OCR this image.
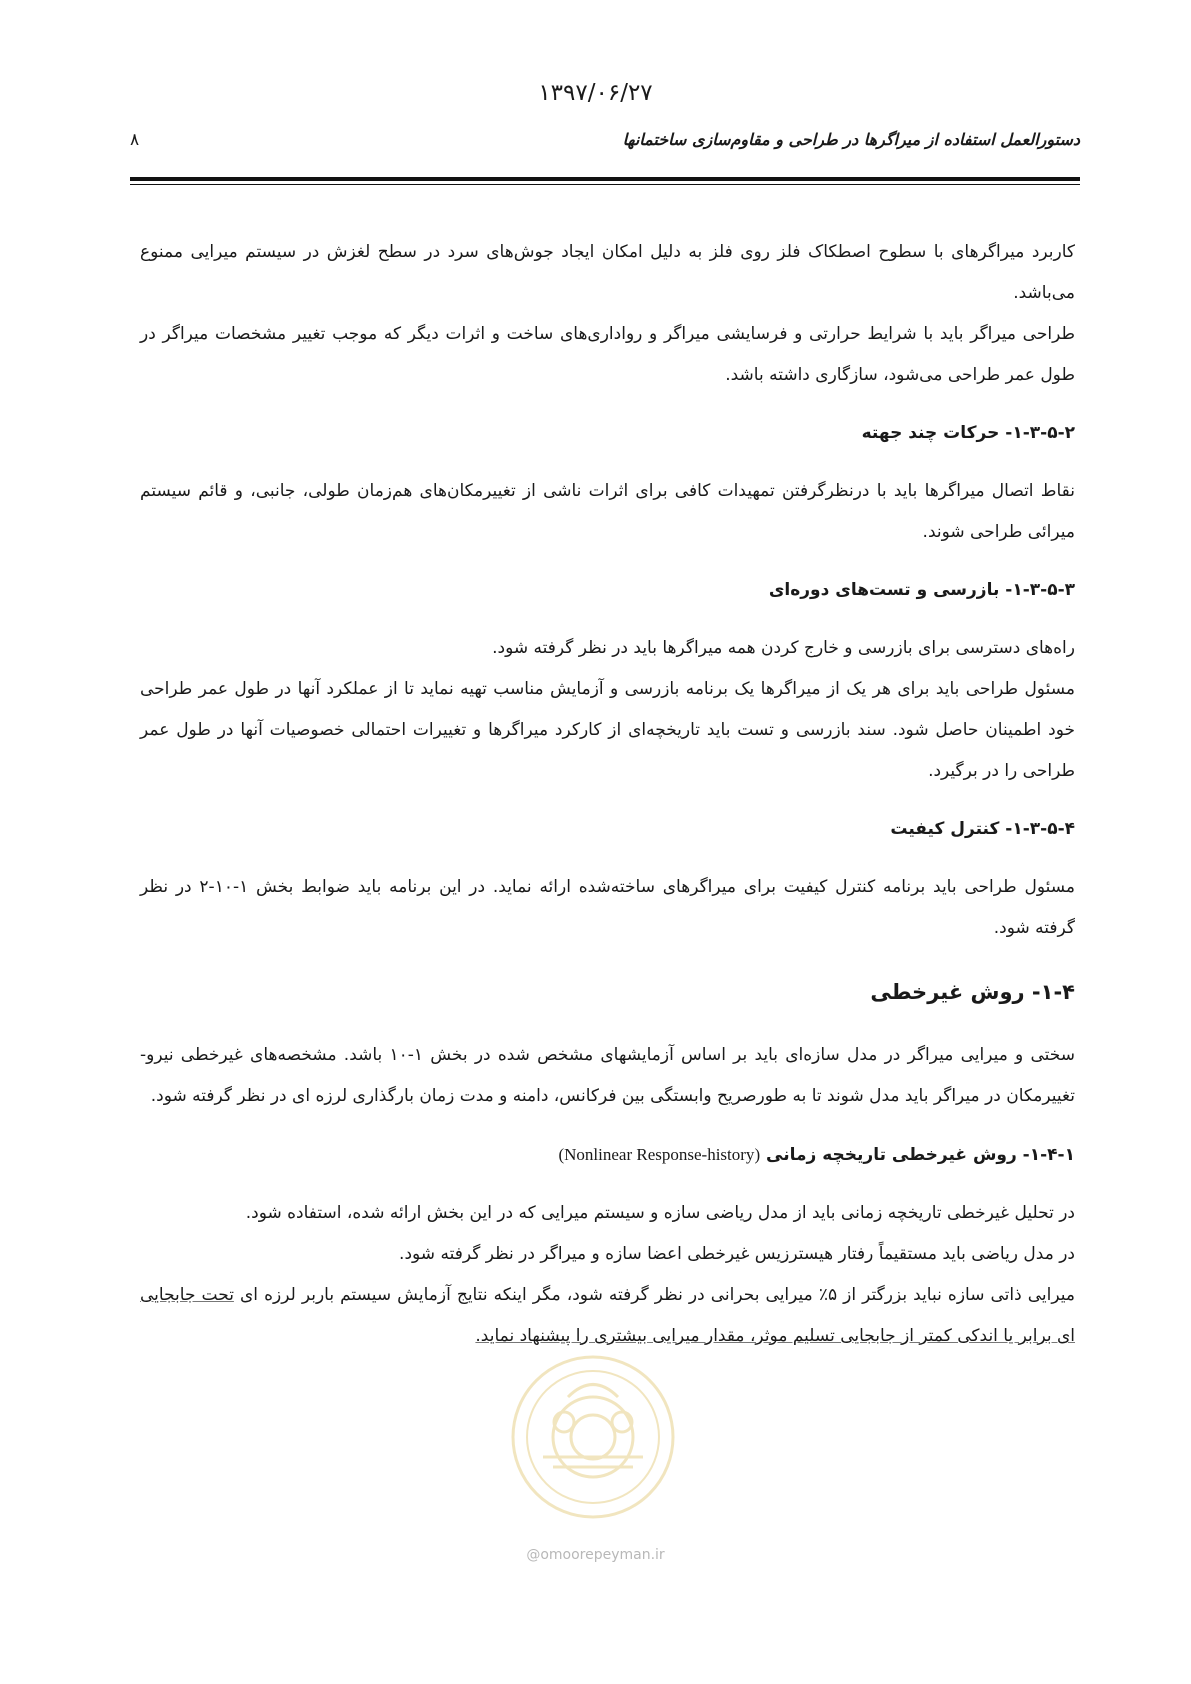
۱۳۹۷/۰۶/۲۷
دستورالعمل استفاده از میراگرها در طراحی و مقاوم‌سازی ساختمانها
۸

کاربرد میراگرهای با سطوح اصطکاک فلز روی فلز به دلیل امکان ایجاد جوش‌های سرد در سطح لغزش در سیستم میرایی ممنوع می‌باشد.

طراحی میراگر باید با شرایط حرارتی و فرسایشی میراگر و رواداری‌های ساخت و اثرات دیگر که موجب تغییر مشخصات میراگر در طول عمر طراحی می‌شود، سازگاری داشته باشد.

۱-۳-۵-۲- حرکات چند جهته

نقاط اتصال میراگرها باید با درنظرگرفتن تمهیدات کافی برای اثرات ناشی از تغییرمکان‌های هم‌زمان طولی، جانبی، و قائم سیستم میرائی طراحی شوند.

۱-۳-۵-۳- بازرسی و تست‌های دوره‌ای

راه‌های دسترسی برای بازرسی و خارج کردن همه میراگرها باید در نظر گرفته شود.

مسئول طراحی باید برای هر یک از میراگرها یک برنامه بازرسی و آزمایش مناسب تهیه نماید تا از عملکرد آنها در طول عمر طراحی خود اطمینان حاصل شود. سند بازرسی و تست باید تاریخچه‌ای از کارکرد میراگرها و تغییرات احتمالی خصوصیات آنها در طول عمر طراحی را در برگیرد.

۱-۳-۵-۴- کنترل کیفیت

مسئول طراحی باید برنامه کنترل کیفیت برای میراگرهای ساخته‌شده ارائه نماید. در این برنامه باید ضوابط بخش ۱-۱۰-۲ در نظر گرفته شود.

۱-۴- روش غیرخطی

سختی و میرایی میراگر در مدل سازه‌ای باید بر اساس آزمایشهای مشخص شده در بخش ۱-۱۰ باشد. مشخصه‌های غیرخطی نیرو-تغییرمکان در میراگر باید مدل شوند تا به طورصریح وابستگی بین فرکانس، دامنه و مدت زمان بارگذاری لرزه ای در نظر گرفته شود.

۱-۴-۱- روش غیرخطی تاریخچه زمانی (Nonlinear Response-history)

در تحلیل غیرخطی تاریخچه زمانی باید از مدل ریاضی سازه و سیستم میرایی که در این بخش ارائه شده، استفاده شود.

در مدل ریاضی باید مستقیماً رفتار هیسترزیس غیرخطی اعضا سازه و میراگر در نظر گرفته شود.

میرایی ذاتی سازه نباید بزرگتر از ۵٪ میرایی بحرانی در نظر گرفته شود، مگر اینکه نتایج آزمایش سیستم باربر لرزه ای تحت جابجایی ای برابر یا اندکی کمتر از جابجایی تسلیم موثر، مقدار میرایی بیشتری را پیشنهاد نماید.

@omoorepeyman.ir
